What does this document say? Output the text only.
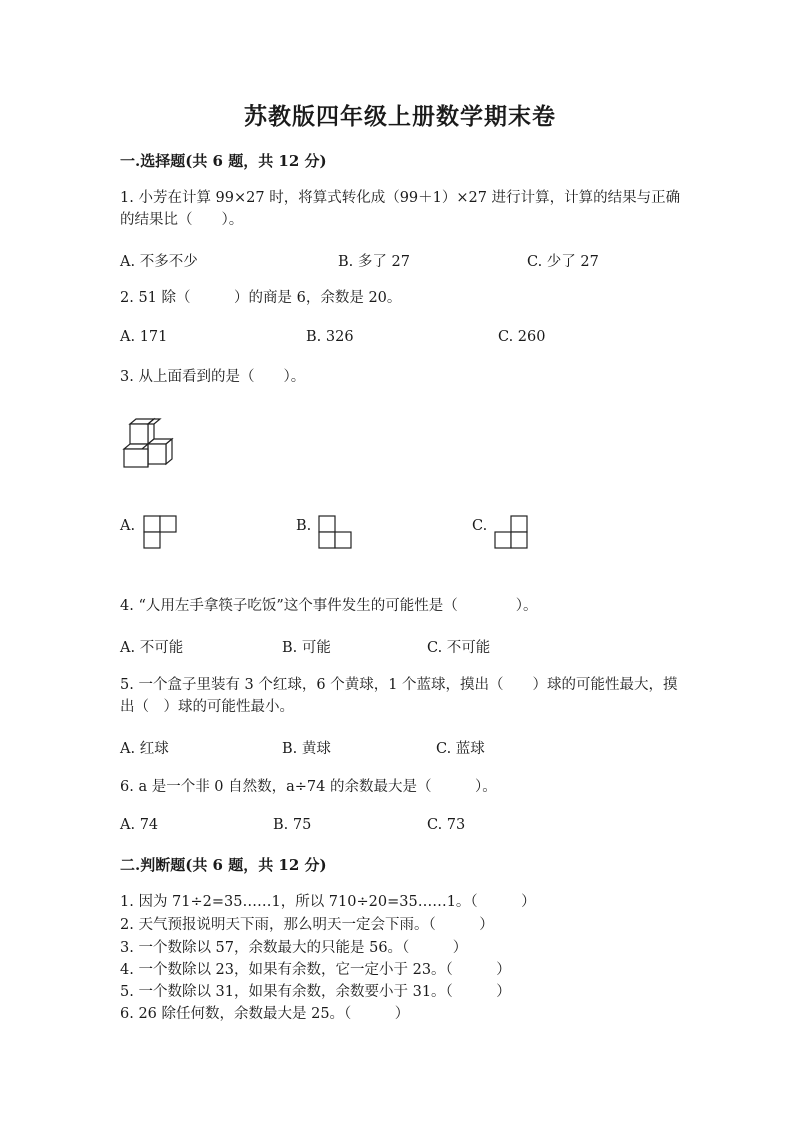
苏教版四年级上册数学期末卷
一.选择题(共 6 题，共 12 分)
1. 小芳在计算 99×27 时，将算式转化成（99＋1）×27 进行计算，计算的结果与正确的结果比（　　）。
A. 不多不少	B. 多了 27	C. 少了 27
2. 51 除（　　　）的商是 6，余数是 20。
A. 171	B. 326	C. 260
3. 从上面看到的是（　　）。
A.	B.	C.
4. “人用左手拿筷子吃饭”这个事件发生的可能性是（　　　　）。
A. 不可能	B. 可能	C. 不可能
5. 一个盒子里装有 3 个红球，6 个黄球，1 个蓝球，摸出（　　）球的可能性最大，摸出（　）球的可能性最小。
A. 红球	B. 黄球	C. 蓝球
6. a 是一个非 0 自然数，a÷74 的余数最大是（　　　）。
A. 74	B. 75	C. 73
二.判断题(共 6 题，共 12 分)
1. 因为 71÷2=35……1，所以 710÷20=35……1。（　　　）
2. 天气预报说明天下雨，那么明天一定会下雨。（　　　）
3. 一个数除以 57，余数最大的只能是 56。（　　　）
4. 一个数除以 23，如果有余数，它一定小于 23。（　　　）
5. 一个数除以 31，如果有余数，余数要小于 31。（　　　）
6. 26 除任何数，余数最大是 25。（　　　）
